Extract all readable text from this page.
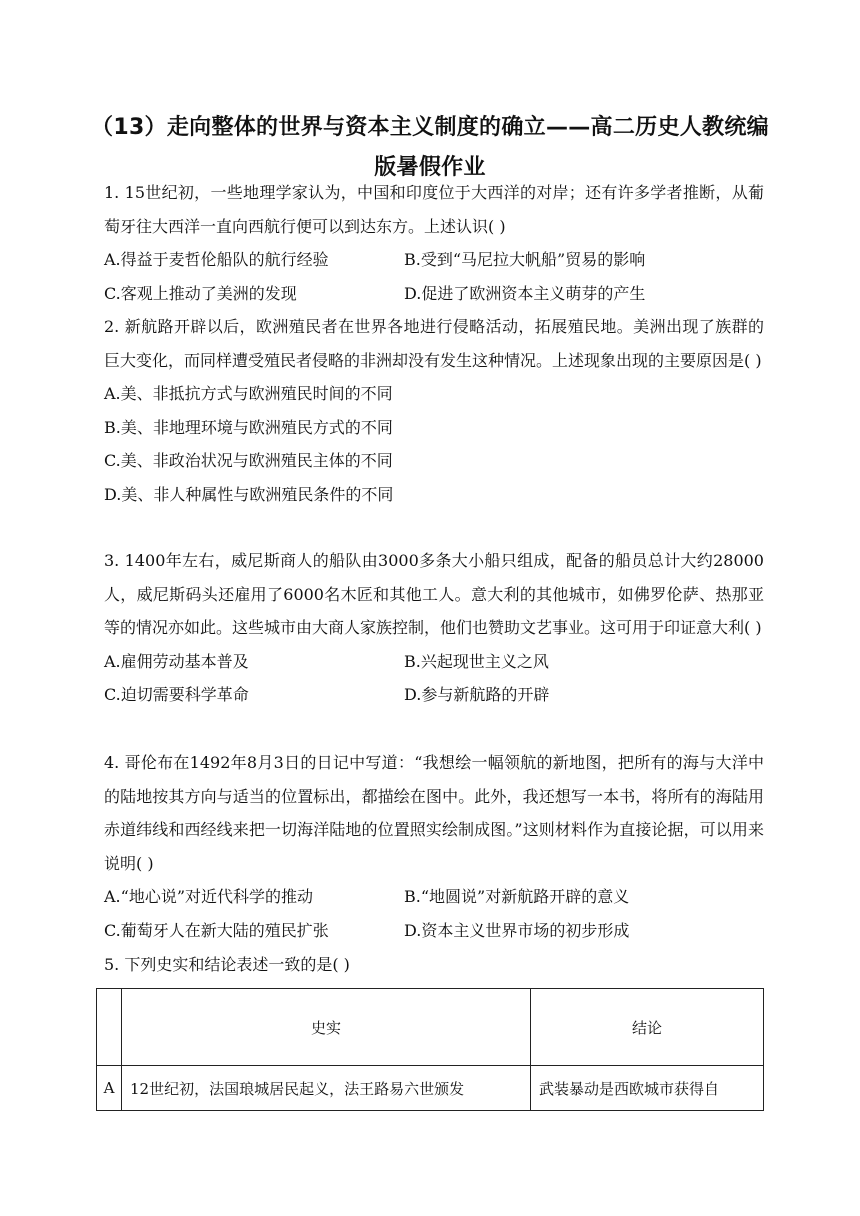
（13）走向整体的世界与资本主义制度的确立——高二历史人教统编版暑假作业

1. 15世纪初，一些地理学家认为，中国和印度位于大西洋的对岸；还有许多学者推断，从葡萄牙往大西洋一直向西航行便可以到达东方。上述认识( )

A.得益于麦哲伦船队的航行经验	B.受到“马尼拉大帆船”贸易的影响
C.客观上推动了美洲的发现	D.促进了欧洲资本主义萌芽的产生

2. 新航路开辟以后，欧洲殖民者在世界各地进行侵略活动，拓展殖民地。美洲出现了族群的巨大变化，而同样遭受殖民者侵略的非洲却没有发生这种情况。上述现象出现的主要原因是( )

A.美、非抵抗方式与欧洲殖民时间的不同
B.美、非地理环境与欧洲殖民方式的不同
C.美、非政治状况与欧洲殖民主体的不同
D.美、非人种属性与欧洲殖民条件的不同

3. 1400年左右，威尼斯商人的船队由3000多条大小船只组成，配备的船员总计大约28000人，威尼斯码头还雇用了6000名木匠和其他工人。意大利的其他城市，如佛罗伦萨、热那亚等的情况亦如此。这些城市由大商人家族控制，他们也赞助文艺事业。这可用于印证意大利( )

A.雇佣劳动基本普及	B.兴起现世主义之风
C.迫切需要科学革命	D.参与新航路的开辟

4. 哥伦布在1492年8月3日的日记中写道：“我想绘一幅领航的新地图，把所有的海与大洋中的陆地按其方向与适当的位置标出，都描绘在图中。此外，我还想写一本书，将所有的海陆用赤道纬线和西经线来把一切海洋陆地的位置照实绘制成图。”这则材料作为直接论据，可以用来说明( )

A.“地心说”对近代科学的推动	B.“地圆说”对新航路开辟的意义
C.葡萄牙人在新大陆的殖民扩张	D.资本主义世界市场的初步形成

5. 下列史实和结论表述一致的是( )

	史实	结论
A	12世纪初，法国琅城居民起义，法王路易六世颁发	武装暴动是西欧城市获得自
